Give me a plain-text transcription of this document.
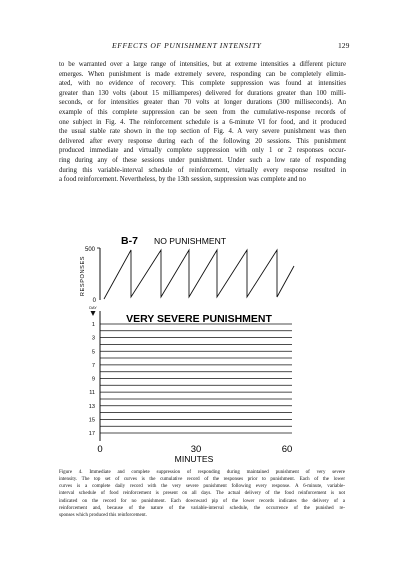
EFFECTS OF PUNISHMENT INTENSITY	129
to be warranted over a large range of intensities, but at extreme intensities a different picture
emerges. When punishment is made extremely severe, responding can be completely elimin-
ated, with no evidence of recovery. This complete suppression was found at intensities
greater than 130 volts (about 15 milliamperes) delivered for durations greater than 100 milli-
seconds, or for intensities greater than 70 volts at longer durations (300 milliseconds). An
example of this complete suppression can be seen from the cumulative-response records of
one subject in Fig. 4. The reinforcement schedule is a 6-minute VI for food, and it produced
the usual stable rate shown in the top section of Fig. 4. A very severe punishment was then
delivered after every response during each of the following 20 sessions. This punishment
produced immediate and virtually complete suppression with only 1 or 2 responses occur-
ring during any of these sessions under punishment. Under such a low rate of responding
during this variable-interval schedule of reinforcement, virtually every response resulted in
a food reinforcement. Nevertheless, by the 13th session, suppression was complete and no
500
0
RESPONSES
B-7 NO PUNISHMENT
DAY
VERY SEVERE PUNISHMENT
1
3
5
7
9
11
13
15
17
0	30	60
MINUTES
Figure 4. Immediate and complete suppression of responding during maintained punishment of very severe
intensity. The top set of curves is the cumulative record of the responses prior to punishment. Each of the lower
curves is a complete daily record with the very severe punishment following every response. A 6-minute, variable-
interval schedule of food reinforcement is present on all days. The actual delivery of the food reinforcement is not
indicated on the record for no punishment. Each downward pip of the lower records indicates the delivery of a
reinforcement and, because of the nature of the variable-interval schedule, the occurrence of the punished re-
sponses which produced this reinforcement.
